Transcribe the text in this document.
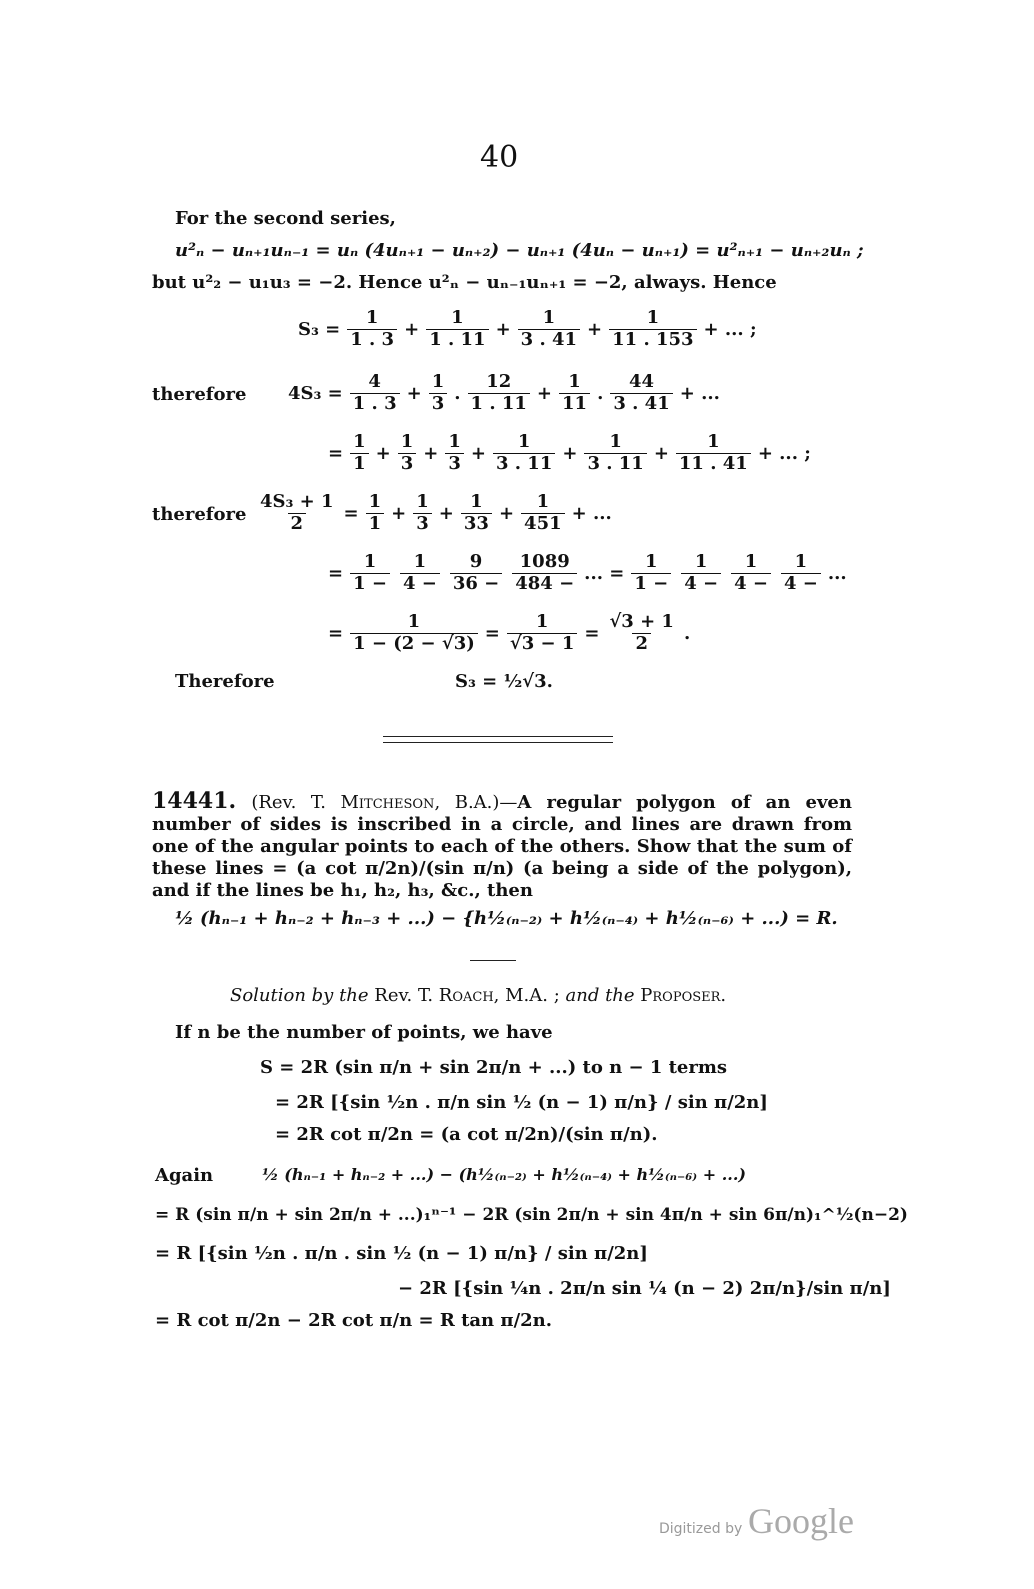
40
For the second series,
u²ₙ − uₙ₊₁uₙ₋₁ = uₙ (4uₙ₊₁ − uₙ₊₂) − uₙ₊₁ (4uₙ − uₙ₊₁) = u²ₙ₊₁ − uₙ₊₂uₙ ;
but u²₂ − u₁u₃ = −2. Hence u²ₙ − uₙ₋₁uₙ₊₁ = −2, always. Hence
therefore
therefore
$S_3 = \frac{1}{1 . 3} + \frac{1}{1 . 11} + \frac{1}{3 . 41} + \frac{1}{11 . 153}$ + ... ;
$4S_3 = \frac{4}{1 . 3} + \frac{1}{3}$ . $\frac{12}{1 . 11} + \frac{1}{11}$ . $\frac{44}{3 . 41}$ + ...
= $\frac{1}{1} + \frac{1}{3} + \frac{1}{3} + \frac{1}{3 . 11} + \frac{1}{3 . 11} + \frac{1}{11 . 41}$ + ... ;
$\frac{\text{4S₃ + 1}}{2} = \frac{1}{1} + \frac{1}{3} + \frac{1}{33} + \frac{1}{451}$ + ...
= $\frac{1}{1 -} \frac{1}{4 -} \frac{9}{36 -} \frac{1089}{484 -}$ ... = $\frac{1}{1 -} \frac{1}{4 -} \frac{1}{4 -} \frac{1}{4 -}$ ...
= $\frac{1}{1 - (2 - √3)} = \frac{1}{√3 - 1} = \frac{√3 + 1}{2}$ .
Therefore	S₃ = ½√3.
14441. (Rev. T. Mitcheson, B.A.)—A regular polygon of an even number of sides is inscribed in a circle, and lines are drawn from one of the angular points to each of the others. Show that the sum of these lines = (a cot π/2n)/(sin π/n) (a being a side of the polygon), and if the lines be h₁, h₂, h₃, &c., then
½ (hₙ₋₁ + hₙ₋₂ + hₙ₋₃ + ...) − {h½₍ₙ₋₂₎ + h½₍ₙ₋₄₎ + h½₍ₙ₋₆₎ + ...) = R.
Solution by the Rev. T. Roach, M.A. ; and the Proposer.
If n be the number of points, we have
S = 2R (sin π/n + sin 2π/n + ...) to n − 1 terms
= 2R [{sin ½n . π/n sin ½ (n − 1) π/n} / sin π/2n]
= 2R cot π/2n = (a cot π/2n)/(sin π/n).
Again	½ (hₙ₋₁ + hₙ₋₂ + ...) − (h½₍ₙ₋₂₎ + h½₍ₙ₋₄₎ + h½₍ₙ₋₆₎ + ...)
= R (sin π/n + sin 2π/n + ...)₁ⁿ⁻¹ − 2R (sin 2π/n + sin 4π/n + sin 6π/n)₁^½(n−2)
= R [{sin ½n . π/n . sin ½ (n − 1) π/n} / sin π/2n]
− 2R [{sin ¼n . 2π/n sin ¼ (n − 2) 2π/n}/sin π/n]
= R cot π/2n − 2R cot π/n = R tan π/2n.
Digitized by Google
